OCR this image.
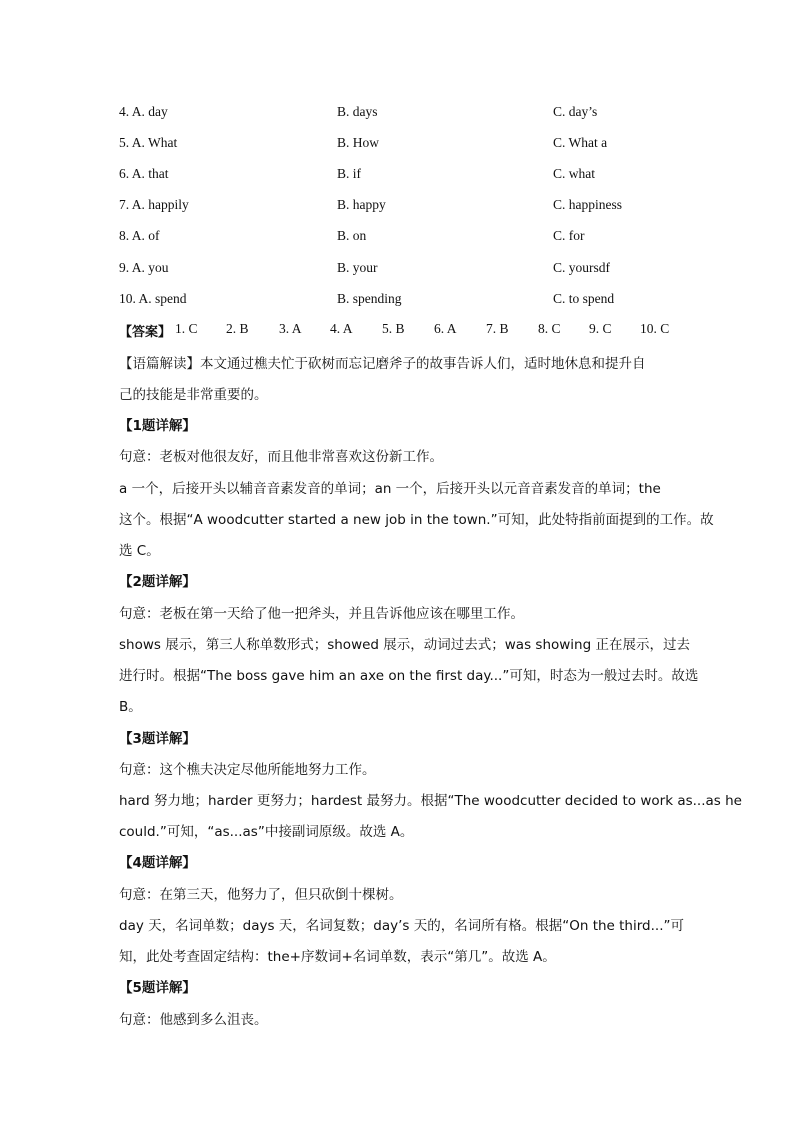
4. A. day	B. days	C. day’s
5. A. What	B. How	C. What a
6. A. that	B. if	C. what
7. A. happily	B. happy	C. happiness
8. A. of	B. on	C. for
9. A. you	B. your	C. yoursdf
10. A. spend	B. spending	C. to spend
【答案】 1. C 2. B 3. A 4. A 5. B 6. A 7. B 8. C 9. C 10. C
【语篇解读】本文通过樵夫忙于砍树而忘记磨斧子的故事告诉人们，适时地休息和提升自
己的技能是非常重要的。
【1题详解】
句意：老板对他很友好，而且他非常喜欢这份新工作。
a 一个，后接开头以辅音音素发音的单词；an 一个，后接开头以元音音素发音的单词；the
这个。根据“A woodcutter started a new job in the town.”可知，此处特指前面提到的工作。故
选 C。
【2题详解】
句意：老板在第一天给了他一把斧头，并且告诉他应该在哪里工作。
shows 展示，第三人称单数形式；showed 展示，动词过去式；was showing 正在展示，过去
进行时。根据“The boss gave him an axe on the first day...”可知，时态为一般过去时。故选
B。
【3题详解】
句意：这个樵夫决定尽他所能地努力工作。
hard 努力地；harder 更努力；hardest 最努力。根据“The woodcutter decided to work as...as he
could.”可知，“as...as”中接副词原级。故选 A。
【4题详解】
句意：在第三天，他努力了，但只砍倒十棵树。
day 天，名词单数；days 天，名词复数；day’s 天的，名词所有格。根据“On the third...”可
知，此处考查固定结构：the+序数词+名词单数，表示“第几”。故选 A。
【5题详解】
句意：他感到多么沮丧。
